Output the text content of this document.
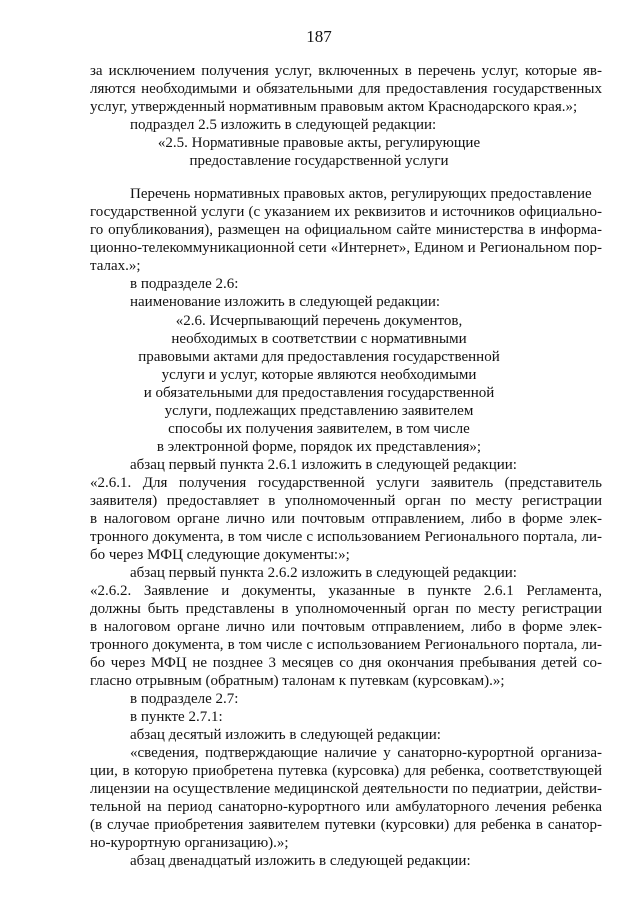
187
за исключением получения услуг, включенных в перечень услуг, которые яв-
ляются необходимыми и обязательными для предоставления государственных
услуг, утвержденный нормативным правовым актом Краснодарского края.»;
подраздел 2.5 изложить в следующей редакции:
«2.5. Нормативные правовые акты, регулирующие
предоставление государственной услуги
Перечень нормативных правовых актов, регулирующих предоставление
государственной услуги (с указанием их реквизитов и источников официально-
го опубликования), размещен на официальном сайте министерства в информа-
ционно-телекоммуникационной сети «Интернет», Едином и Региональном пор-
талах.»;
в подразделе 2.6:
наименование изложить в следующей редакции:
«2.6. Исчерпывающий перечень документов,
необходимых в соответствии с нормативными
правовыми актами для предоставления государственной
услуги и услуг, которые являются необходимыми
и обязательными для предоставления государственной
услуги, подлежащих представлению заявителем
способы их получения заявителем, в том числе
в электронной форме, порядок их представления»;
абзац первый пункта 2.6.1 изложить в следующей редакции:
«2.6.1. Для получения государственной услуги заявитель (представитель
заявителя) предоставляет в уполномоченный орган по месту регистрации
в налоговом органе лично или почтовым отправлением, либо в форме элек-
тронного документа, в том числе с использованием Регионального портала, ли-
бо через МФЦ следующие документы:»;
абзац первый пункта 2.6.2 изложить в следующей редакции:
«2.6.2. Заявление и документы, указанные в пункте 2.6.1 Регламента,
должны быть представлены в уполномоченный орган по месту регистрации
в налоговом органе лично или почтовым отправлением, либо в форме элек-
тронного документа, в том числе с использованием Регионального портала, ли-
бо через МФЦ не позднее 3 месяцев со дня окончания пребывания детей со-
гласно отрывным (обратным) талонам к путевкам (курсовкам).»;
в подразделе 2.7:
в пункте 2.7.1:
абзац десятый изложить в следующей редакции:
«сведения, подтверждающие наличие у санаторно-курортной организа-
ции, в которую приобретена путевка (курсовка) для ребенка, соответствующей
лицензии на осуществление медицинской деятельности по педиатрии, действи-
тельной на период санаторно-курортного или амбулаторного лечения ребенка
(в случае приобретения заявителем путевки (курсовки) для ребенка в санатор-
но-курортную организацию).»;
абзац двенадцатый изложить в следующей редакции:
